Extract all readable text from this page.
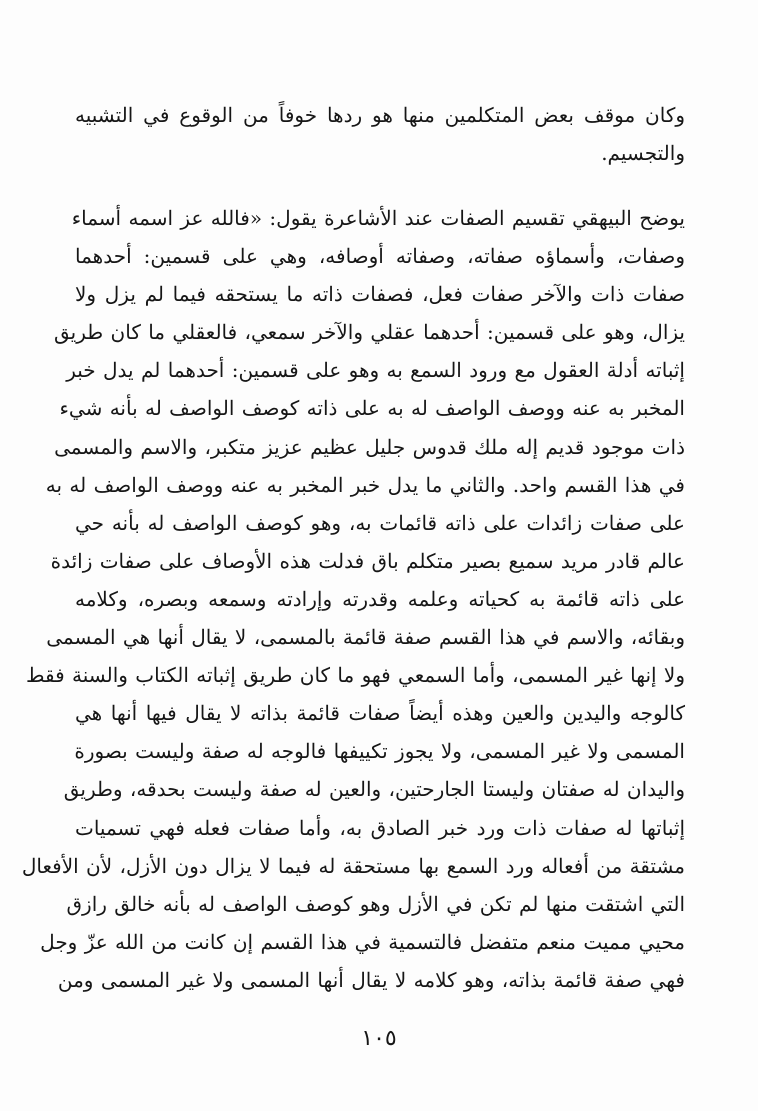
وكان موقف بعض المتكلمين منها هو ردها خوفاً من الوقوع في التشبيه
والتجسيم.
يوضح البيهقي تقسيم الصفات عند الأشاعرة يقول: «فالله عز اسمه أسماء
وصفات، وأسماؤه صفاته، وصفاته أوصافه، وهي على قسمين: أحدهما
صفات ذات والآخر صفات فعل، فصفات ذاته ما يستحقه فيما لم يزل ولا
يزال، وهو على قسمين: أحدهما عقلي والآخر سمعي، فالعقلي ما كان طريق
إثباته أدلة العقول مع ورود السمع به وهو على قسمين: أحدهما لم يدل خبر
المخبر به عنه ووصف الواصف له به على ذاته كوصف الواصف له بأنه شيء
ذات موجود قديم إله ملك قدوس جليل عظيم عزيز متكبر، والاسم والمسمى
في هذا القسم واحد. والثاني ما يدل خبر المخبر به عنه ووصف الواصف له به
على صفات زائدات على ذاته قائمات به، وهو كوصف الواصف له بأنه حي
عالم قادر مريد سميع بصير متكلم باق فدلت هذه الأوصاف على صفات زائدة
على ذاته قائمة به كحياته وعلمه وقدرته وإرادته وسمعه وبصره، وكلامه
وبقائه، والاسم في هذا القسم صفة قائمة بالمسمى، لا يقال أنها هي المسمى
ولا إنها غير المسمى، وأما السمعي فهو ما كان طريق إثباته الكتاب والسنة فقط
كالوجه واليدين والعين وهذه أيضاً صفات قائمة بذاته لا يقال فيها أنها هي
المسمى ولا غير المسمى، ولا يجوز تكييفها فالوجه له صفة وليست بصورة
واليدان له صفتان وليستا الجارحتين، والعين له صفة وليست بحدقه، وطريق
إثباتها له صفات ذات ورد خبر الصادق به، وأما صفات فعله فهي تسميات
مشتقة من أفعاله ورد السمع بها مستحقة له فيما لا يزال دون الأزل، لأن الأفعال
التي اشتقت منها لم تكن في الأزل وهو كوصف الواصف له بأنه خالق رازق
محيي مميت منعم متفضل فالتسمية في هذا القسم إن كانت من الله عزّ وجل
فهي صفة قائمة بذاته، وهو كلامه لا يقال أنها المسمى ولا غير المسمى ومن
١٠٥
